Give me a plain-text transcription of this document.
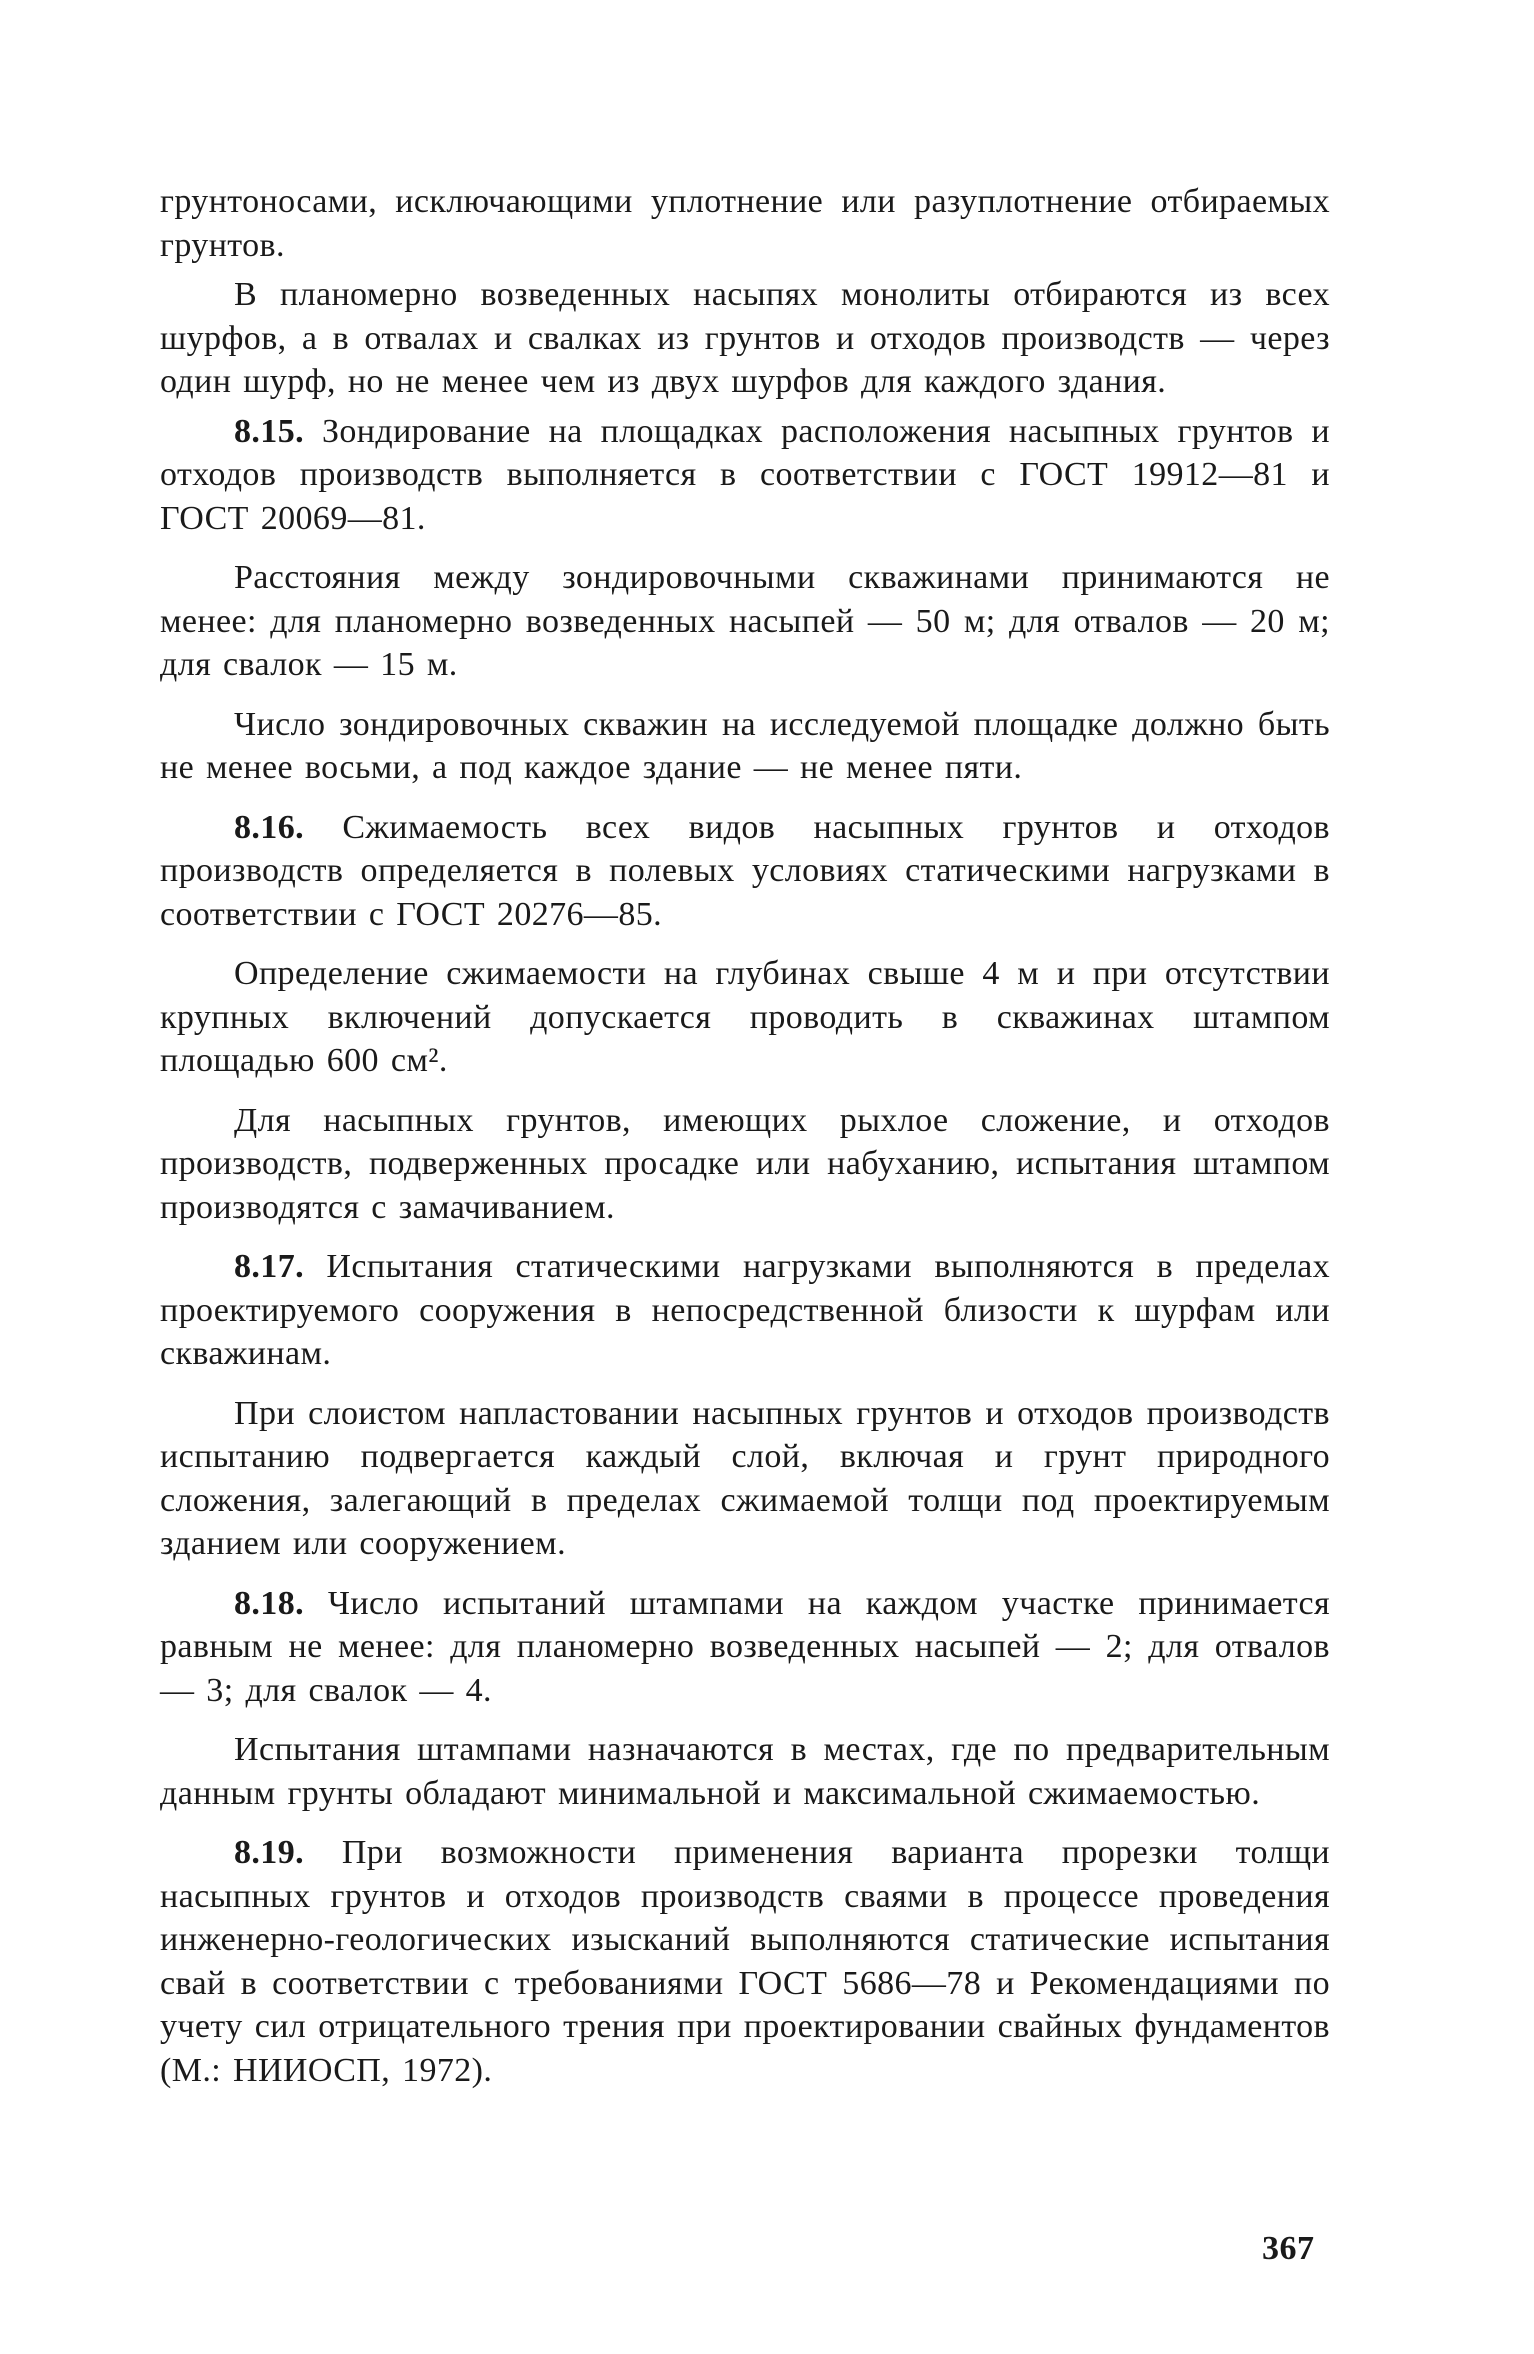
грунтоносами, исключающими уплотнение или разуплотнение отбираемых грунтов.

В планомерно возведенных насыпях монолиты отбираются из всех шурфов, а в отвалах и свалках из грунтов и отходов производств — через один шурф, но не менее чем из двух шурфов для каждого здания.

8.15. Зондирование на площадках расположения насыпных грунтов и отходов производств выполняется в соответствии с ГОСТ 19912—81 и ГОСТ 20069—81.

Расстояния между зондировочными скважинами принимаются не менее: для планомерно возведенных насыпей — 50 м; для отвалов — 20 м; для свалок — 15 м.

Число зондировочных скважин на исследуемой площадке должно быть не менее восьми, а под каждое здание — не менее пяти.

8.16. Сжимаемость всех видов насыпных грунтов и отходов производств определяется в полевых условиях статическими нагрузками в соответствии с ГОСТ 20276—85.

Определение сжимаемости на глубинах свыше 4 м и при отсутствии крупных включений допускается проводить в скважинах штампом площадью 600 см².

Для насыпных грунтов, имеющих рыхлое сложение, и отходов производств, подверженных просадке или набуханию, испытания штампом производятся с замачиванием.

8.17. Испытания статическими нагрузками выполняются в пределах проектируемого сооружения в непосредственной близости к шурфам или скважинам.

При слоистом напластовании насыпных грунтов и отходов производств испытанию подвергается каждый слой, включая и грунт природного сложения, залегающий в пределах сжимаемой толщи под проектируемым зданием или сооружением.

8.18. Число испытаний штампами на каждом участке принимается равным не менее: для планомерно возведенных насыпей — 2; для отвалов — 3; для свалок — 4.

Испытания штампами назначаются в местах, где по предварительным данным грунты обладают минимальной и максимальной сжимаемостью.

8.19. При возможности применения варианта прорезки толщи насыпных грунтов и отходов производств сваями в процессе проведения инженерно-геологических изысканий выполняются статические испытания свай в соответствии с требованиями ГОСТ 5686—78 и Рекомендациями по учету сил отрицательного трения при проектировании свайных фундаментов (М.: НИИОСП, 1972).

367
